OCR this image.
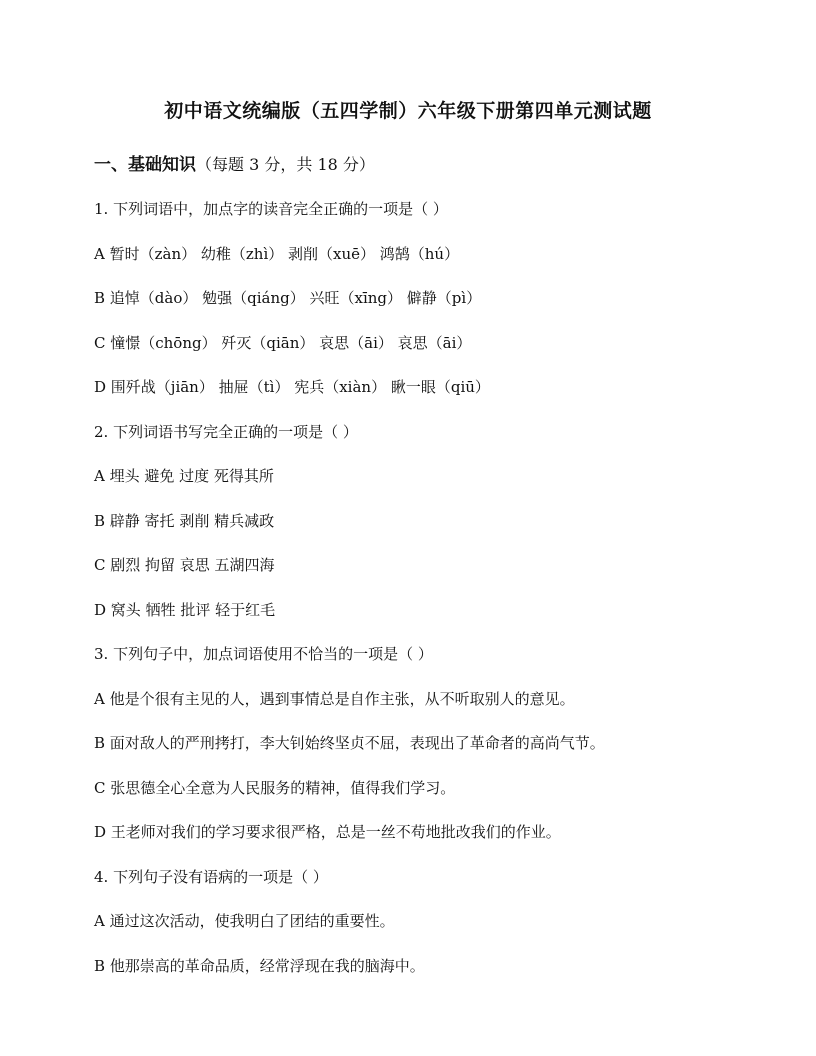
初中语文统编版（五四学制）六年级下册第四单元测试题
一、基础知识（每题 3 分，共 18 分）
1. 下列词语中，加点字的读音完全正确的一项是（ ）
A 暂时（zàn） 幼稚（zhì） 剥削（xuē） 鸿鹄（hú）
B 追悼（dào） 勉强（qiáng） 兴旺（xīng） 僻静（pì）
C 憧憬（chōng） 歼灭（qiān） 哀思（āi） 哀思（āi）
D 围歼战（jiān） 抽屉（tì） 宪兵（xiàn） 瞅一眼（qiū）
2. 下列词语书写完全正确的一项是（ ）
A 埋头 避免 过度 死得其所
B 辟静 寄托 剥削 精兵减政
C 剧烈 拘留 哀思 五湖四海
D 窝头 牺牲 批评 轻于红毛
3. 下列句子中，加点词语使用不恰当的一项是（ ）
A 他是个很有主见的人，遇到事情总是自作主张，从不听取别人的意见。
B 面对敌人的严刑拷打，李大钊始终坚贞不屈，表现出了革命者的高尚气节。
C 张思德全心全意为人民服务的精神，值得我们学习。
D 王老师对我们的学习要求很严格，总是一丝不苟地批改我们的作业。
4. 下列句子没有语病的一项是（ ）
A 通过这次活动，使我明白了团结的重要性。
B 他那崇高的革命品质，经常浮现在我的脑海中。
